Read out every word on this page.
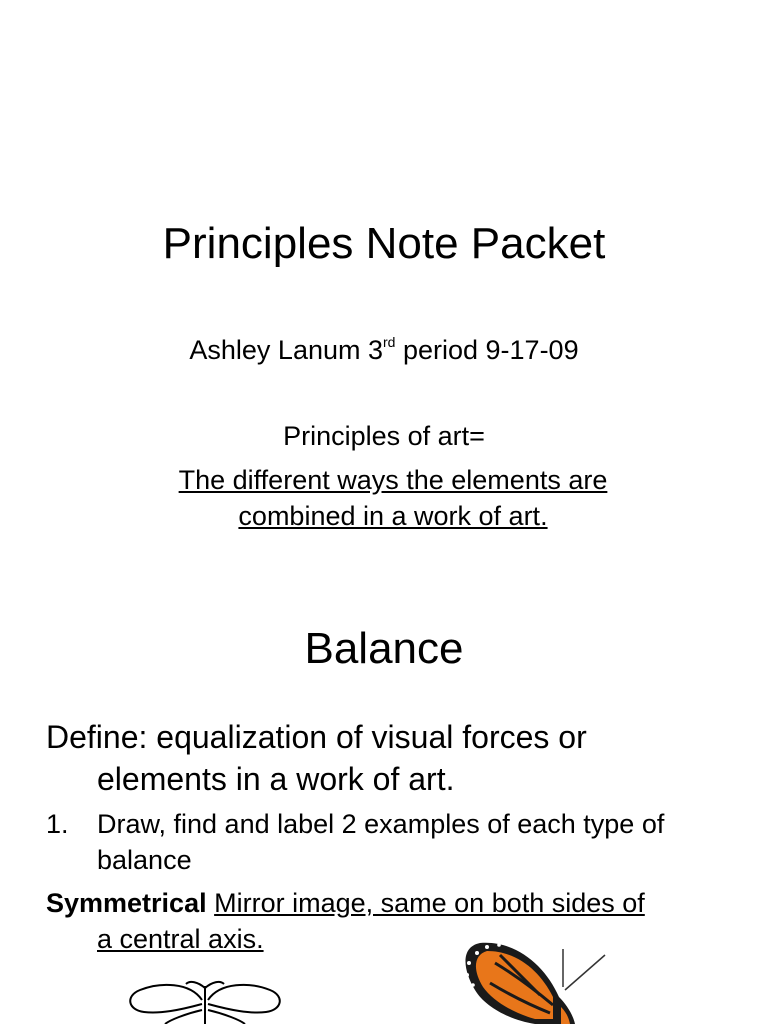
Principles Note Packet
Ashley Lanum 3rd period 9-17-09
Principles of art=
The different ways the elements are combined in a work of art.
Balance
Define: equalization of visual forces or
elements in a work of art.
1.	Draw, find and label 2 examples of each type of balance
Symmetrical Mirror image, same on both sides of
a central axis.
